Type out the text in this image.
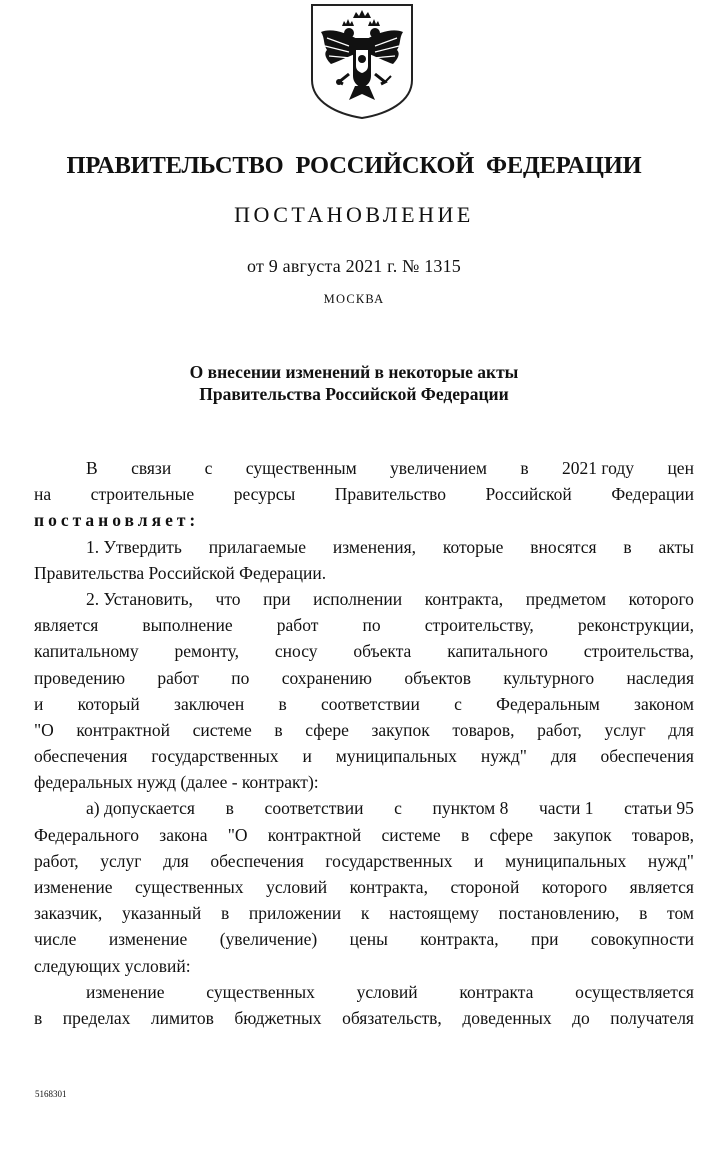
ПРАВИТЕЛЬСТВО РОССИЙСКОЙ ФЕДЕРАЦИИ
ПОСТАНОВЛЕНИЕ
от 9 августа 2021 г. № 1315
МОСКВА
О внесении изменений в некоторые акты
Правительства Российской Федерации
В связи с существенным увеличением в 2021 году цен
на строительные ресурсы Правительство Российской Федерации
постановляет:
1. Утвердить прилагаемые изменения, которые вносятся в акты
Правительства Российской Федерации.
2. Установить, что при исполнении контракта, предметом которого
является	выполнение	работ	по	строительству,	реконструкции,
капитальному ремонту, сносу объекта капитального строительства,
проведению работ по сохранению объектов культурного наследия
и который заключен в соответствии с Федеральным законом
"О контрактной системе в сфере закупок товаров, работ, услуг для
обеспечения государственных и муниципальных нужд" для обеспечения
федеральных нужд (далее - контракт):
а) допускается в соответствии с пунктом 8 части 1 статьи 95
Федерального закона "О контрактной системе в сфере закупок товаров,
работ, услуг для обеспечения государственных и муниципальных нужд"
изменение существенных условий контракта, стороной которого является
заказчик, указанный в приложении к настоящему постановлению, в том
числе изменение (увеличение) цены контракта, при совокупности
следующих условий:
изменение существенных условий контракта осуществляется
в пределах лимитов бюджетных обязательств, доведенных до получателя
5168301
